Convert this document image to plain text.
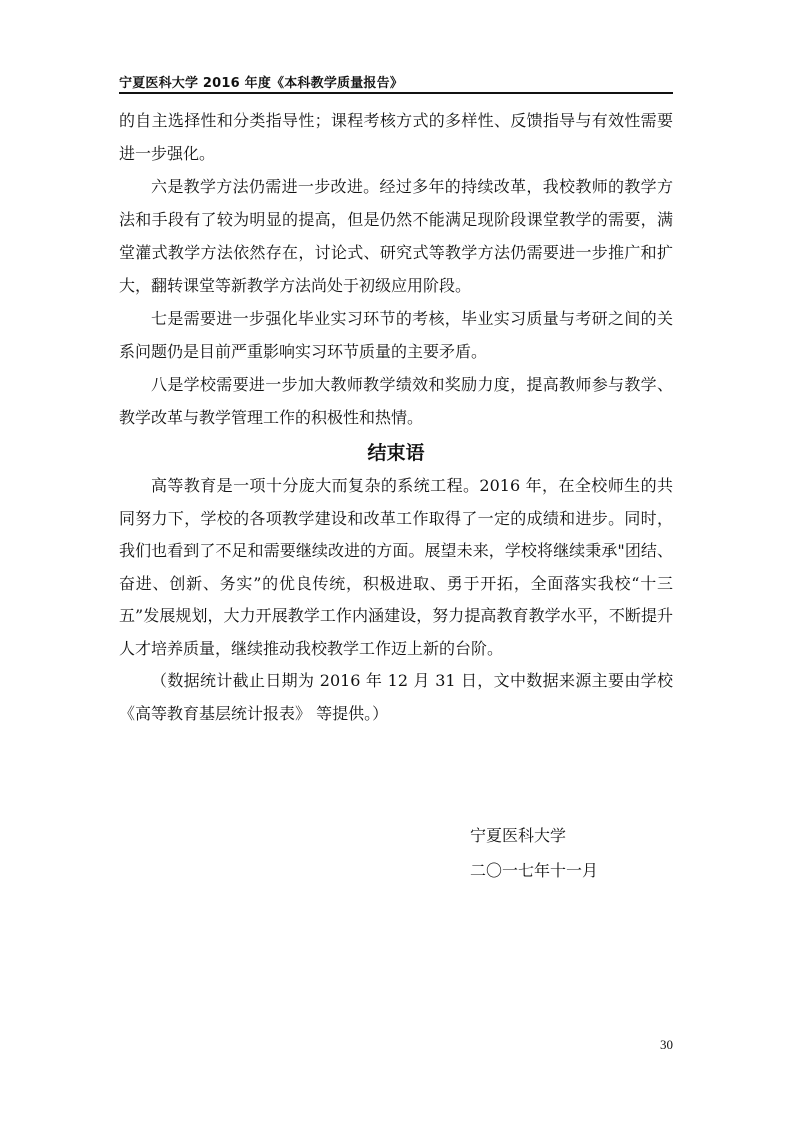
宁夏医科大学 2016 年度《本科教学质量报告》

的自主选择性和分类指导性；课程考核方式的多样性、反馈指导与有效性需要进一步强化。

六是教学方法仍需进一步改进。经过多年的持续改革，我校教师的教学方法和手段有了较为明显的提高，但是仍然不能满足现阶段课堂教学的需要，满堂灌式教学方法依然存在，讨论式、研究式等教学方法仍需要进一步推广和扩大，翻转课堂等新教学方法尚处于初级应用阶段。

七是需要进一步强化毕业实习环节的考核，毕业实习质量与考研之间的关系问题仍是目前严重影响实习环节质量的主要矛盾。

八是学校需要进一步加大教师教学绩效和奖励力度，提高教师参与教学、教学改革与教学管理工作的积极性和热情。

结束语

高等教育是一项十分庞大而复杂的系统工程。2016 年，在全校师生的共同努力下，学校的各项教学建设和改革工作取得了一定的成绩和进步。同时，我们也看到了不足和需要继续改进的方面。展望未来，学校将继续秉承"团结、奋进、创新、务实”的优良传统，积极进取、勇于开拓，全面落实我校“十三五”发展规划，大力开展教学工作内涵建设，努力提高教育教学水平，不断提升人才培养质量，继续推动我校教学工作迈上新的台阶。

（数据统计截止日期为 2016 年 12 月 31 日，文中数据来源主要由学校《高等教育基层统计报表》 等提供。）

宁夏医科大学
二〇一七年十一月
30
